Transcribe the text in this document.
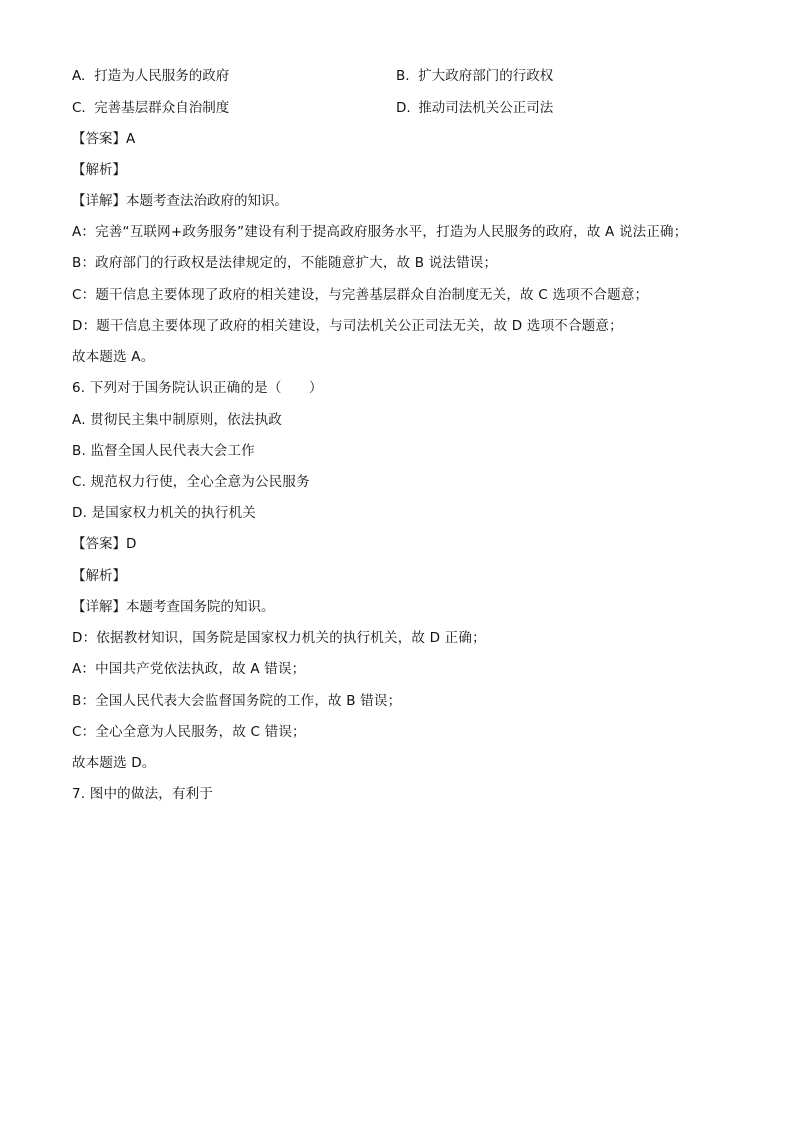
A. 打造为人民服务的政府	B. 扩大政府部门的行政权
C. 完善基层群众自治制度	D. 推动司法机关公正司法
【答案】A
【解析】
【详解】本题考查法治政府的知识。
A：完善“互联网+政务服务”建设有利于提高政府服务水平，打造为人民服务的政府，故 A 说法正确；
B：政府部门的行政权是法律规定的，不能随意扩大，故 B 说法错误；
C：题干信息主要体现了政府的相关建设，与完善基层群众自治制度无关，故 C 选项不合题意；
D：题干信息主要体现了政府的相关建设，与司法机关公正司法无关，故 D 选项不合题意；
故本题选 A。
6. 下列对于国务院认识正确的是（　　）
A. 贯彻民主集中制原则，依法执政
B. 监督全国人民代表大会工作
C. 规范权力行使，全心全意为公民服务
D. 是国家权力机关的执行机关
【答案】D
【解析】
【详解】本题考查国务院的知识。
D：依据教材知识，国务院是国家权力机关的执行机关，故 D 正确；
A：中国共产党依法执政，故 A 错误；
B：全国人民代表大会监督国务院的工作，故 B 错误；
C：全心全意为人民服务，故 C 错误；
故本题选 D。
7. 图中的做法，有利于
